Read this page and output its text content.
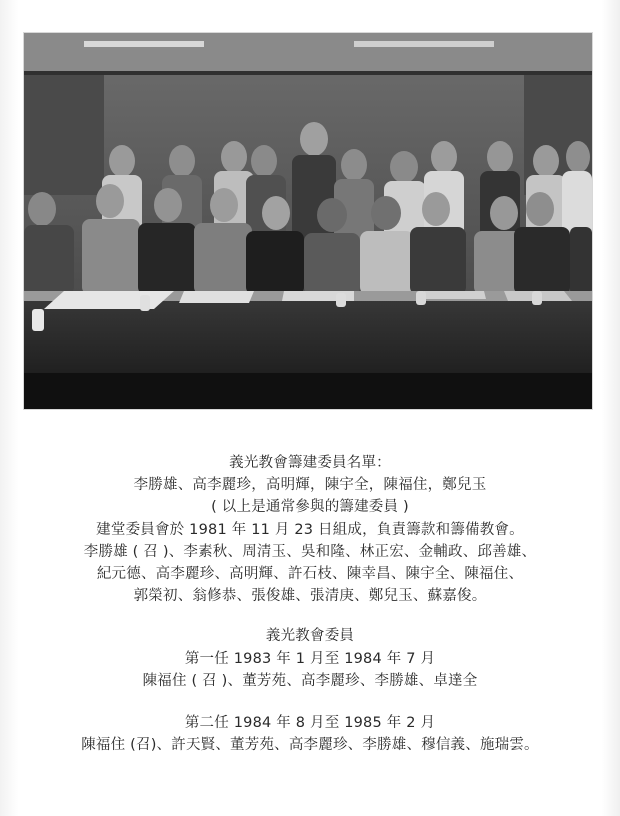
義光教會籌建委員名單：
李勝雄、高李麗珍，高明輝，陳宇全，陳福住，鄭兒玉
( 以上是通常參與的籌建委員 )
建堂委員會於 1981 年 11 月 23 日組成，負責籌款和籌備教會。
李勝雄 ( 召 )、李素秋、周清玉、吳和隆、林正宏、金輔政、邱善雄、
紀元德、高李麗珍、高明輝、許石枝、陳幸昌、陳宇全、陳福住、
郭榮初、翁修恭、張俊雄、張清庚、鄭兒玉、蘇嘉俊。
義光教會委員
第一任 1983 年 1 月至 1984 年 7 月
陳福住 ( 召 )、董芳苑、高李麗珍、李勝雄、卓達全
第二任 1984 年 8 月至 1985 年 2 月
陳福住 (召)、許天賢、董芳苑、高李麗珍、李勝雄、穆信義、施瑞雲。
